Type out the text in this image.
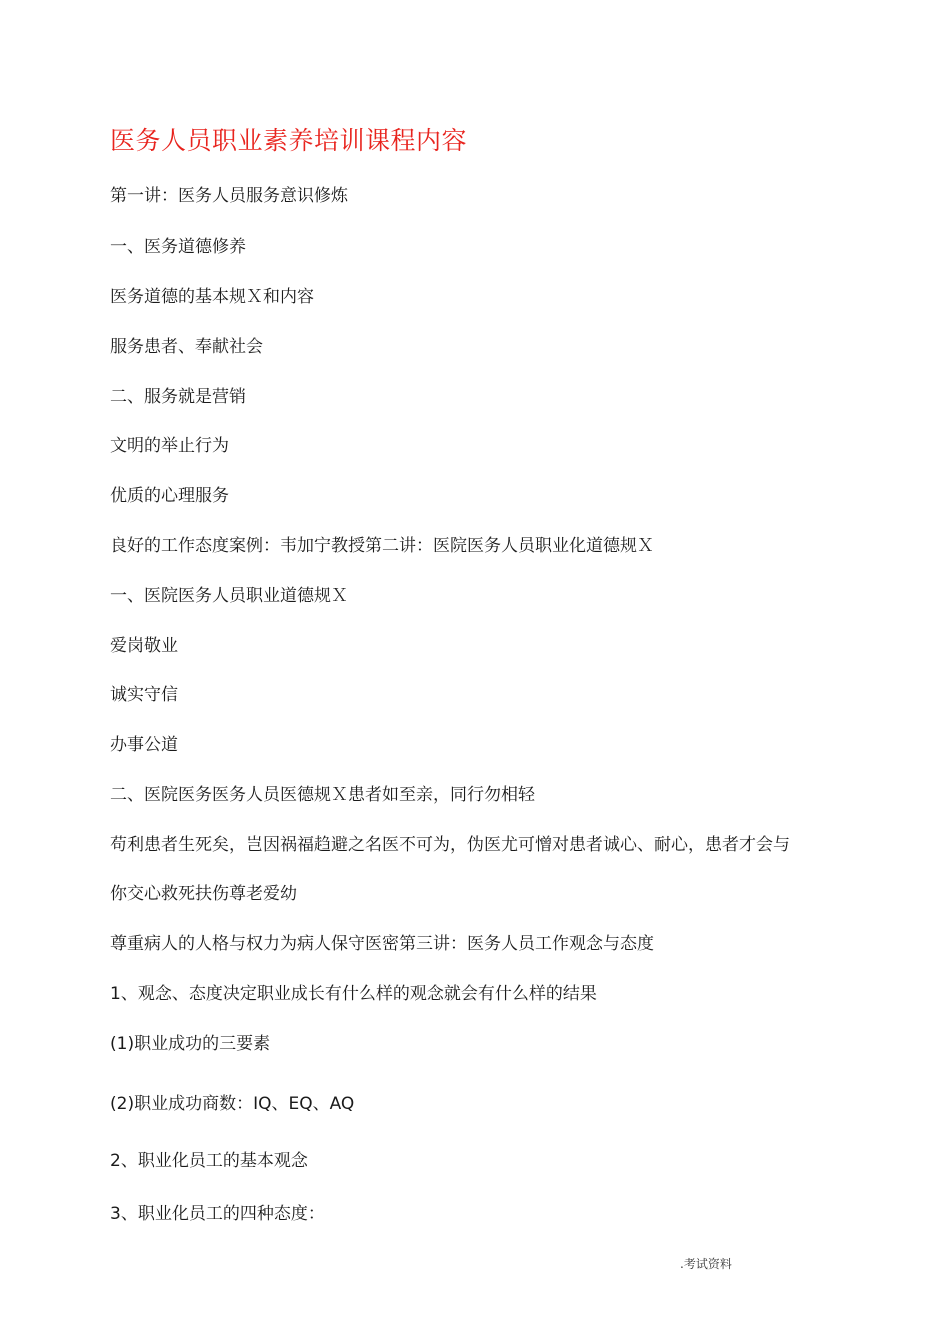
医务人员职业素养培训课程内容
第一讲：医务人员服务意识修炼
一、医务道德修养
医务道德的基本规Ｘ和内容
服务患者、奉献社会
二、服务就是营销
文明的举止行为
优质的心理服务
良好的工作态度案例：韦加宁教授第二讲：医院医务人员职业化道德规Ｘ
一、医院医务人员职业道德规Ｘ
爱岗敬业
诚实守信
办事公道
二、医院医务医务人员医德规Ｘ患者如至亲，同行勿相轻
苟利患者生死矣，岂因祸福趋避之名医不可为，伪医尤可憎对患者诚心、耐心，患者才会与
你交心救死扶伤尊老爱幼
尊重病人的人格与权力为病人保守医密第三讲：医务人员工作观念与态度
1、观念、态度决定职业成长有什么样的观念就会有什么样的结果
(1)职业成功的三要素
(2)职业成功商数：IQ、EQ、AQ
2、职业化员工的基本观念
3、职业化员工的四种态度：
.考试资料
